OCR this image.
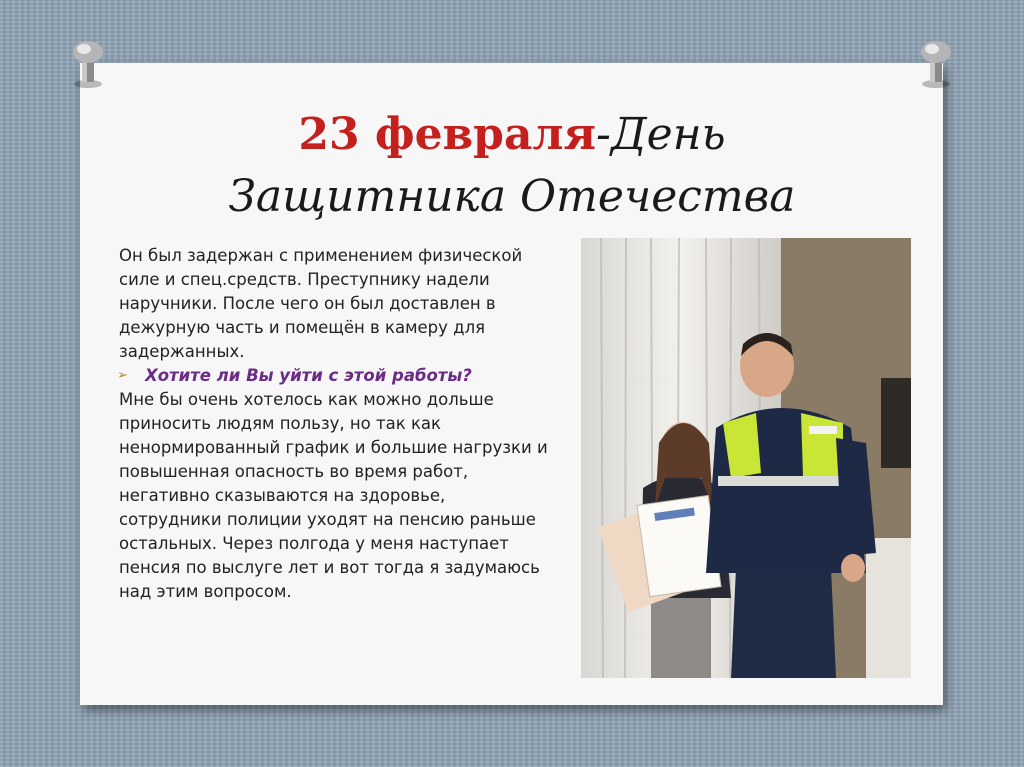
23 февраля-День
Защитника Отечества

Он был задержан с применением физической силе и спец.средств. Преступнику надели наручники. После чего он был доставлен в дежурную часть и помещён в камеру для задержанных.

➢	Хотите ли Вы уйти с этой работы?

Мне бы очень хотелось как можно дольше приносить людям пользу, но так как ненормированный график и большие нагрузки и повышенная опасность во время работ, негативно сказываются на здоровье, сотрудники полиции уходят на пенсию раньше остальных. Через полгода у меня наступает пенсия по выслуге лет и вот тогда я задумаюсь над этим вопросом.
